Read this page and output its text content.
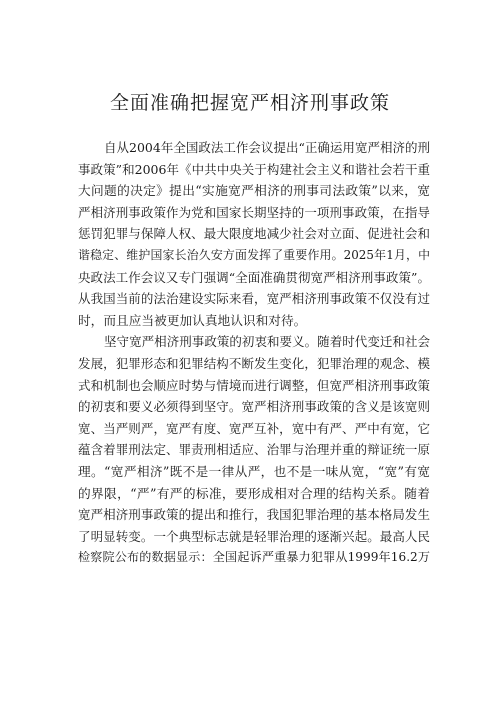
全面准确把握宽严相济刑事政策
自从2004年全国政法工作会议提出“正确运用宽严相济的刑
事政策”和2006年《中共中央关于构建社会主义和谐社会若干重
大问题的决定》提出“实施宽严相济的刑事司法政策”以来，宽
严相济刑事政策作为党和国家长期坚持的一项刑事政策，在指导
惩罚犯罪与保障人权、最大限度地减少社会对立面、促进社会和
谐稳定、维护国家长治久安方面发挥了重要作用。2025年1月，中
央政法工作会议又专门强调“全面准确贯彻宽严相济刑事政策”。
从我国当前的法治建设实际来看，宽严相济刑事政策不仅没有过
时，而且应当被更加认真地认识和对待。
坚守宽严相济刑事政策的初衷和要义。随着时代变迁和社会
发展，犯罪形态和犯罪结构不断发生变化，犯罪治理的观念、模
式和机制也会顺应时势与情境而进行调整，但宽严相济刑事政策
的初衷和要义必须得到坚守。宽严相济刑事政策的含义是该宽则
宽、当严则严，宽严有度、宽严互补，宽中有严、严中有宽，它
蕴含着罪刑法定、罪责刑相适应、治罪与治理并重的辩证统一原
理。“宽严相济”既不是一律从严，也不是一味从宽，“宽”有宽
的界限，“严”有严的标准，要形成相对合理的结构关系。随着
宽严相济刑事政策的提出和推行，我国犯罪治理的基本格局发生
了明显转变。一个典型标志就是轻罪治理的逐渐兴起。最高人民
检察院公布的数据显示：全国起诉严重暴力犯罪从1999年16.2万
